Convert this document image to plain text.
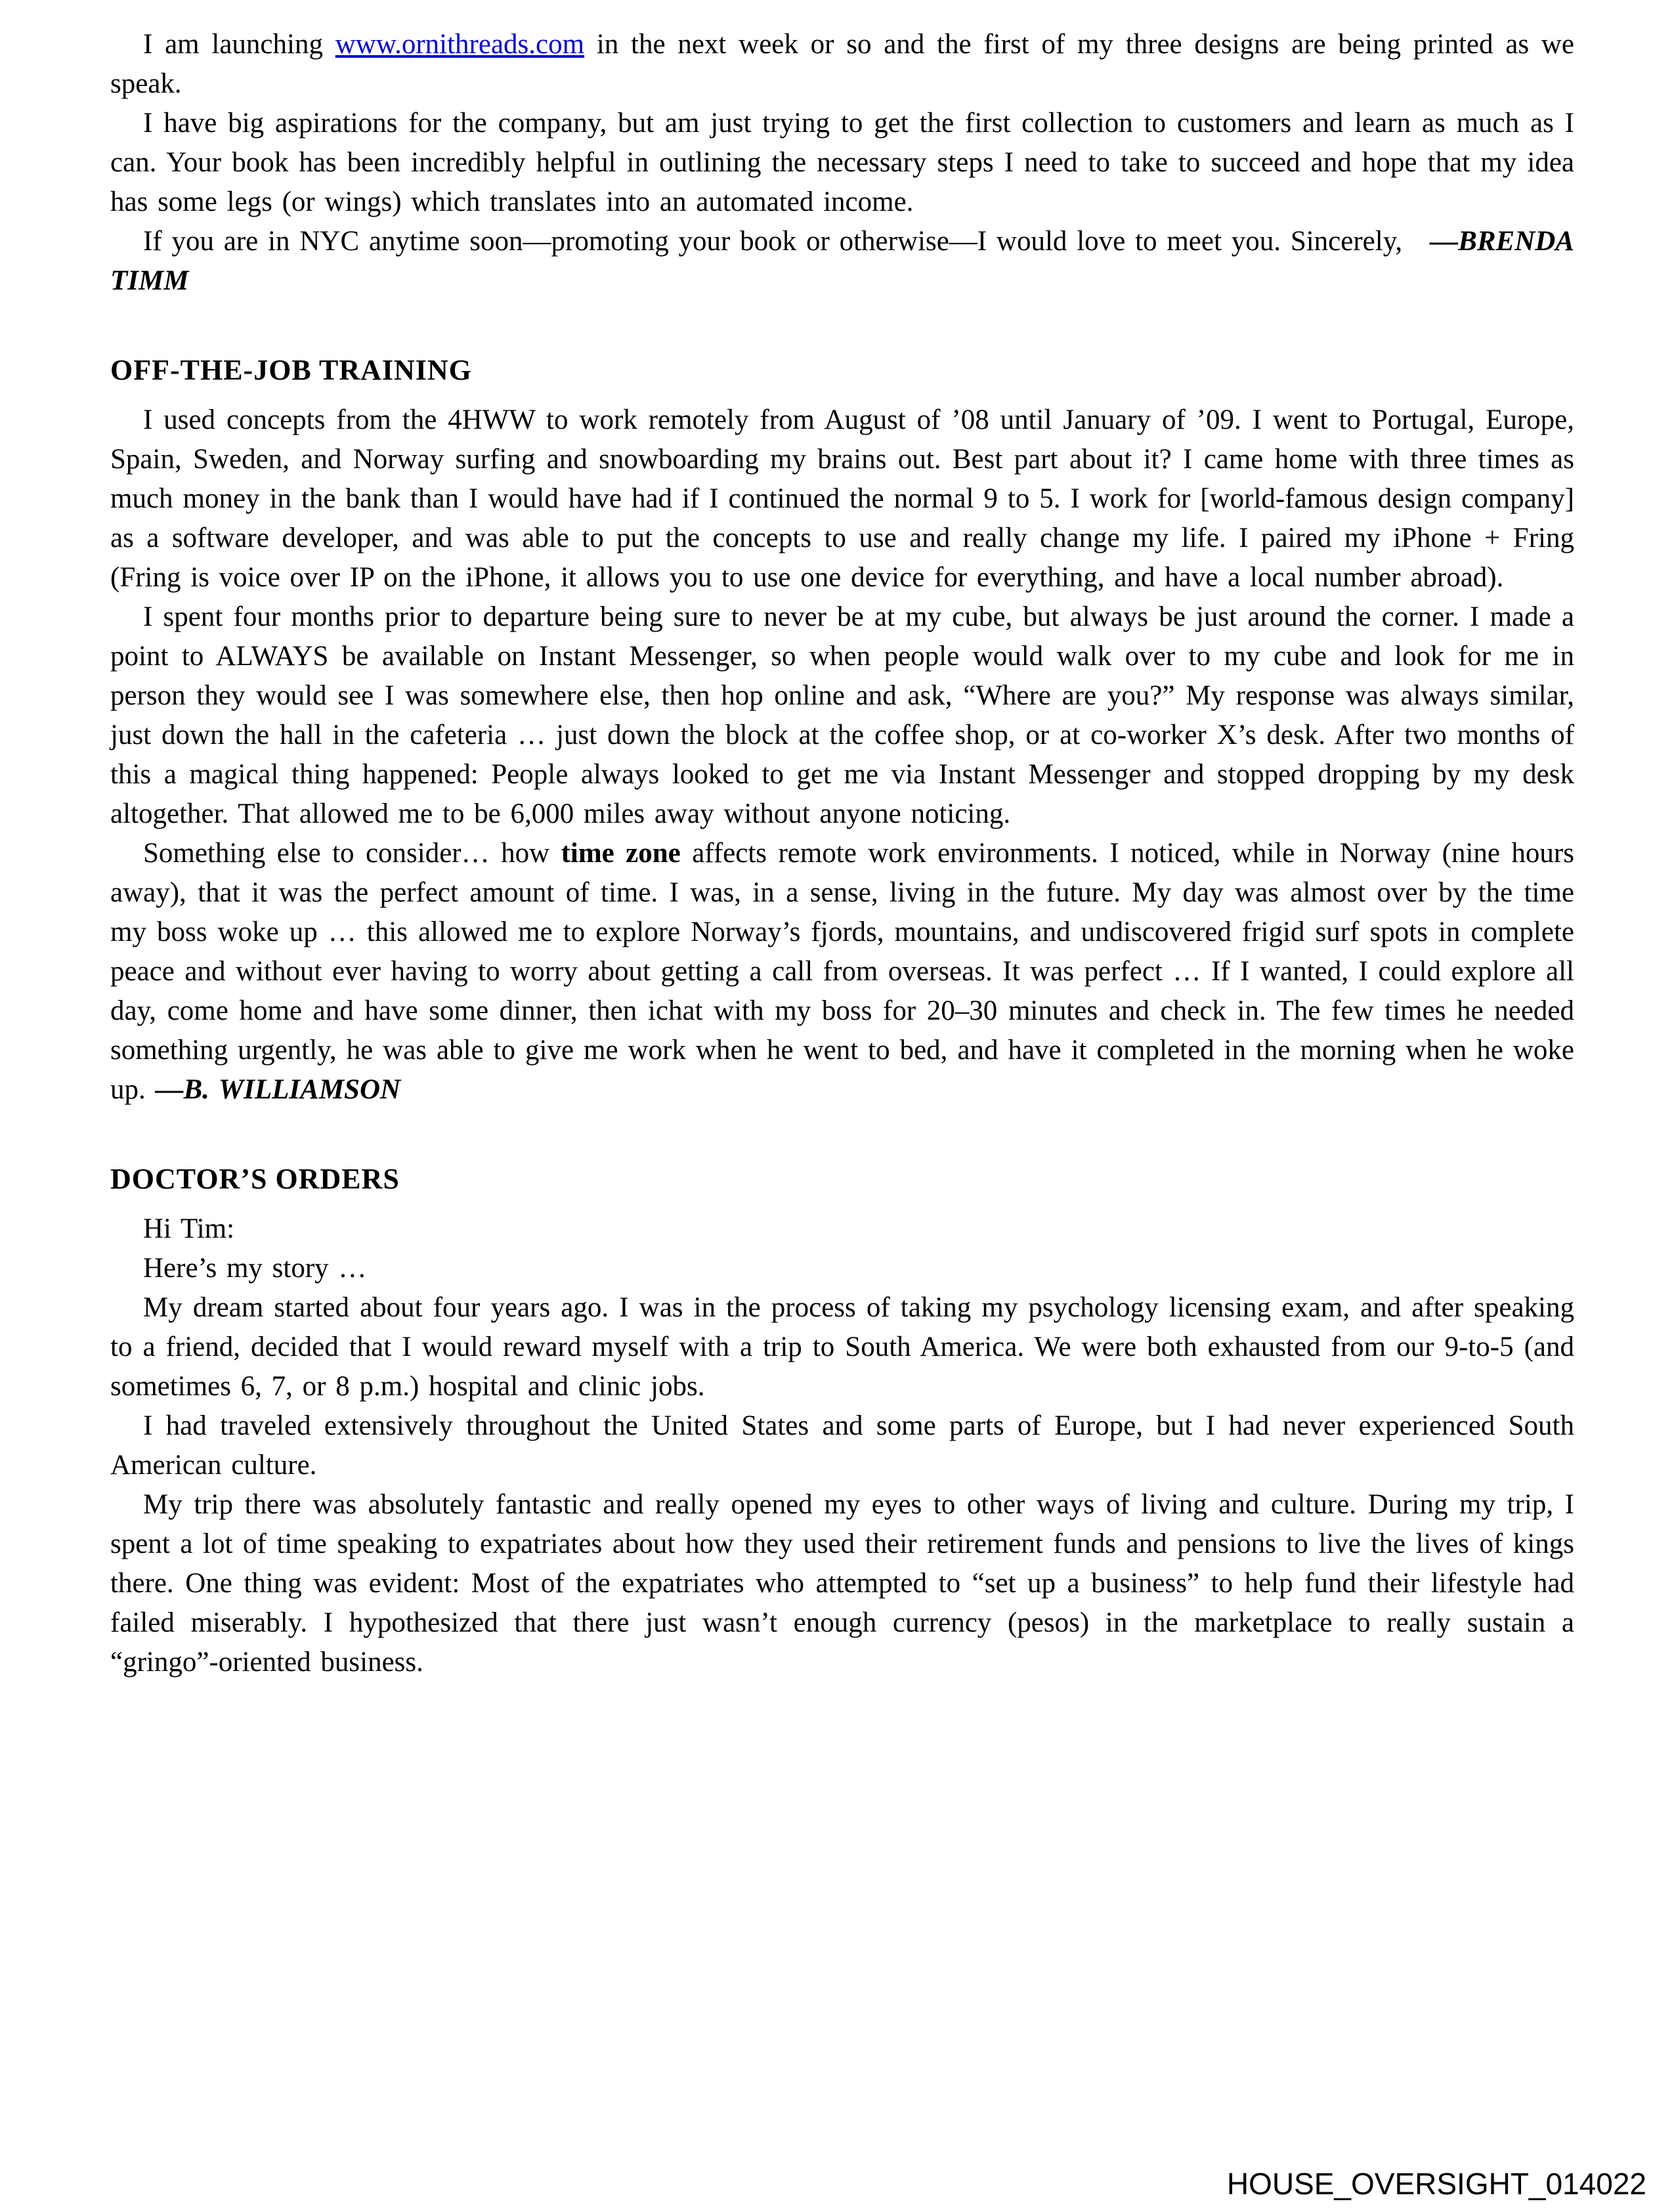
I am launching www.ornithreads.com in the next week or so and the first of my three designs are being printed as we speak.

I have big aspirations for the company, but am just trying to get the first collection to customers and learn as much as I can. Your book has been incredibly helpful in outlining the necessary steps I need to take to succeed and hope that my idea has some legs (or wings) which translates into an automated income.

If you are in NYC anytime soon—promoting your book or otherwise—I would love to meet you. Sincerely, —BRENDA TIMM

OFF-THE-JOB TRAINING

I used concepts from the 4HWW to work remotely from August of ’08 until January of ’09. I went to Portugal, Europe, Spain, Sweden, and Norway surfing and snowboarding my brains out. Best part about it? I came home with three times as much money in the bank than I would have had if I continued the normal 9 to 5. I work for [world-famous design company] as a software developer, and was able to put the concepts to use and really change my life. I paired my iPhone + Fring (Fring is voice over IP on the iPhone, it allows you to use one device for everything, and have a local number abroad).

I spent four months prior to departure being sure to never be at my cube, but always be just around the corner. I made a point to ALWAYS be available on Instant Messenger, so when people would walk over to my cube and look for me in person they would see I was somewhere else, then hop online and ask, “Where are you?” My response was always similar, just down the hall in the cafeteria … just down the block at the coffee shop, or at co-worker X’s desk. After two months of this a magical thing happened: People always looked to get me via Instant Messenger and stopped dropping by my desk altogether. That allowed me to be 6,000 miles away without anyone noticing.

Something else to consider… how time zone affects remote work environments. I noticed, while in Norway (nine hours away), that it was the perfect amount of time. I was, in a sense, living in the future. My day was almost over by the time my boss woke up … this allowed me to explore Norway’s fjords, mountains, and undiscovered frigid surf spots in complete peace and without ever having to worry about getting a call from overseas. It was perfect … If I wanted, I could explore all day, come home and have some dinner, then ichat with my boss for 20–30 minutes and check in. The few times he needed something urgently, he was able to give me work when he went to bed, and have it completed in the morning when he woke up. —B. WILLIAMSON

DOCTOR’S ORDERS

Hi Tim:

Here’s my story …

My dream started about four years ago. I was in the process of taking my psychology licensing exam, and after speaking to a friend, decided that I would reward myself with a trip to South America. We were both exhausted from our 9-to-5 (and sometimes 6, 7, or 8 p.m.) hospital and clinic jobs.

I had traveled extensively throughout the United States and some parts of Europe, but I had never experienced South American culture.

My trip there was absolutely fantastic and really opened my eyes to other ways of living and culture. During my trip, I spent a lot of time speaking to expatriates about how they used their retirement funds and pensions to live the lives of kings there. One thing was evident: Most of the expatriates who attempted to “set up a business” to help fund their lifestyle had failed miserably. I hypothesized that there just wasn’t enough currency (pesos) in the marketplace to really sustain a “gringo”-oriented business.

HOUSE_OVERSIGHT_014022
